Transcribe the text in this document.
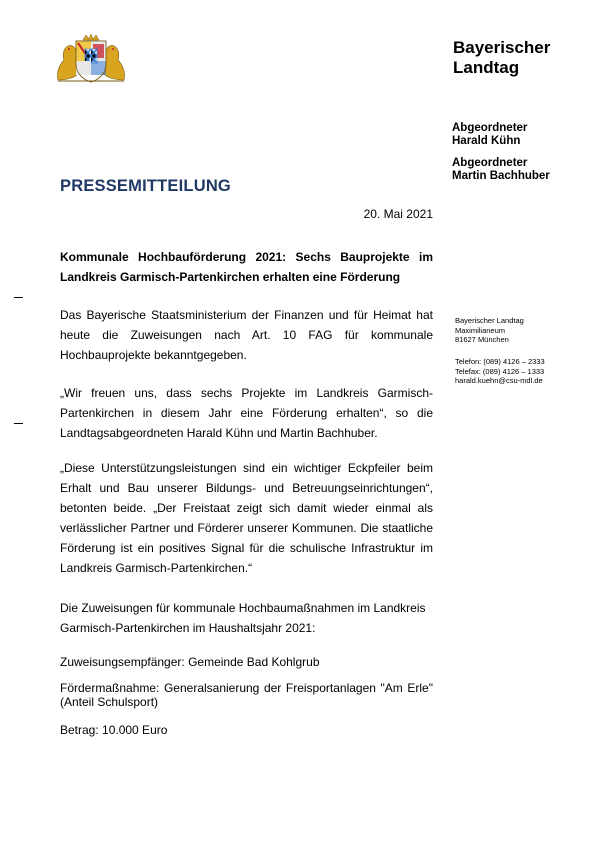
Bayerischer
Landtag
Abgeordneter
Harald Kühn
Abgeordneter
Martin Bachhuber
PRESSEMITTEILUNG
20. Mai 2021
Kommunale Hochbauförderung 2021: Sechs Bauprojekte im Landkreis Garmisch-Partenkirchen erhalten eine Förderung
Das Bayerische Staatsministerium der Finanzen und für Heimat hat heute die Zuweisungen nach Art. 10 FAG für kommunale Hochbauprojekte bekanntgegeben.
„Wir freuen uns, dass sechs Projekte im Landkreis Garmisch-Partenkirchen in diesem Jahr eine Förderung erhalten“, so die Landtagsabgeordneten Harald Kühn und Martin Bachhuber.
„Diese Unterstützungsleistungen sind ein wichtiger Eckpfeiler beim Erhalt und Bau unserer Bildungs- und Betreuungseinrichtungen“, betonten beide. „Der Freistaat zeigt sich damit wieder einmal als verlässlicher Partner und Förderer unserer Kommunen. Die staatliche Förderung ist ein positives Signal für die schulische Infrastruktur im Landkreis Garmisch-Partenkirchen.“
Die Zuweisungen für kommunale Hochbaumaßnahmen im Landkreis Garmisch-Partenkirchen im Haushaltsjahr 2021:
Zuweisungsempfänger: Gemeinde Bad Kohlgrub
Fördermaßnahme: Generalsanierung der Freisportanlagen "Am Erle" (Anteil Schulsport)
Betrag: 10.000 Euro
Bayerischer Landtag
Maximilianeum
81627 München
Telefon: (089) 4126 – 2333
Telefax: (089) 4126 – 1333
harald.kuehn@csu-mdl.de
